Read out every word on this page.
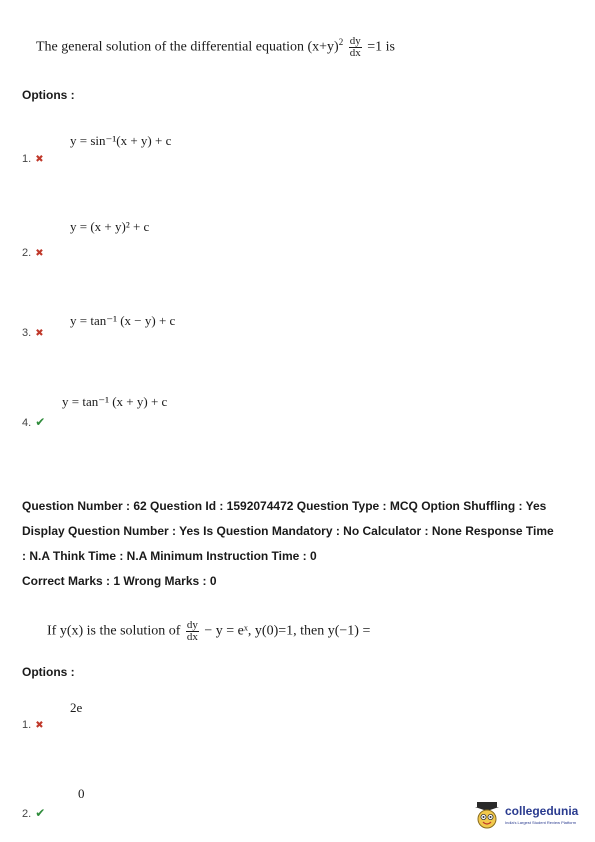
The general solution of the differential equation $(x+y)^2 \frac{dy}{dx} =1$ is
Options :
y = sin⁻¹(x + y) + c
1. ✖
y = (x + y)² + c
2. ✖
y = tan⁻¹ (x − y) + c
3. ✖
y = tan⁻¹ (x + y) + c
4. ✔
Question Number : 62 Question Id : 1592074472 Question Type : MCQ Option Shuffling : Yes
Display Question Number : Yes Is Question Mandatory : No Calculator : None Response Time
: N.A Think Time : N.A Minimum Instruction Time : 0
Correct Marks : 1 Wrong Marks : 0
If y(x) is the solution of $\frac{dy}{dx} - y$ = eˣ, y(0)=1, then y(−1) =
Options :
2e
1. ✖
0
2. ✔	collegedunia
India's Largest Student Review Platform
